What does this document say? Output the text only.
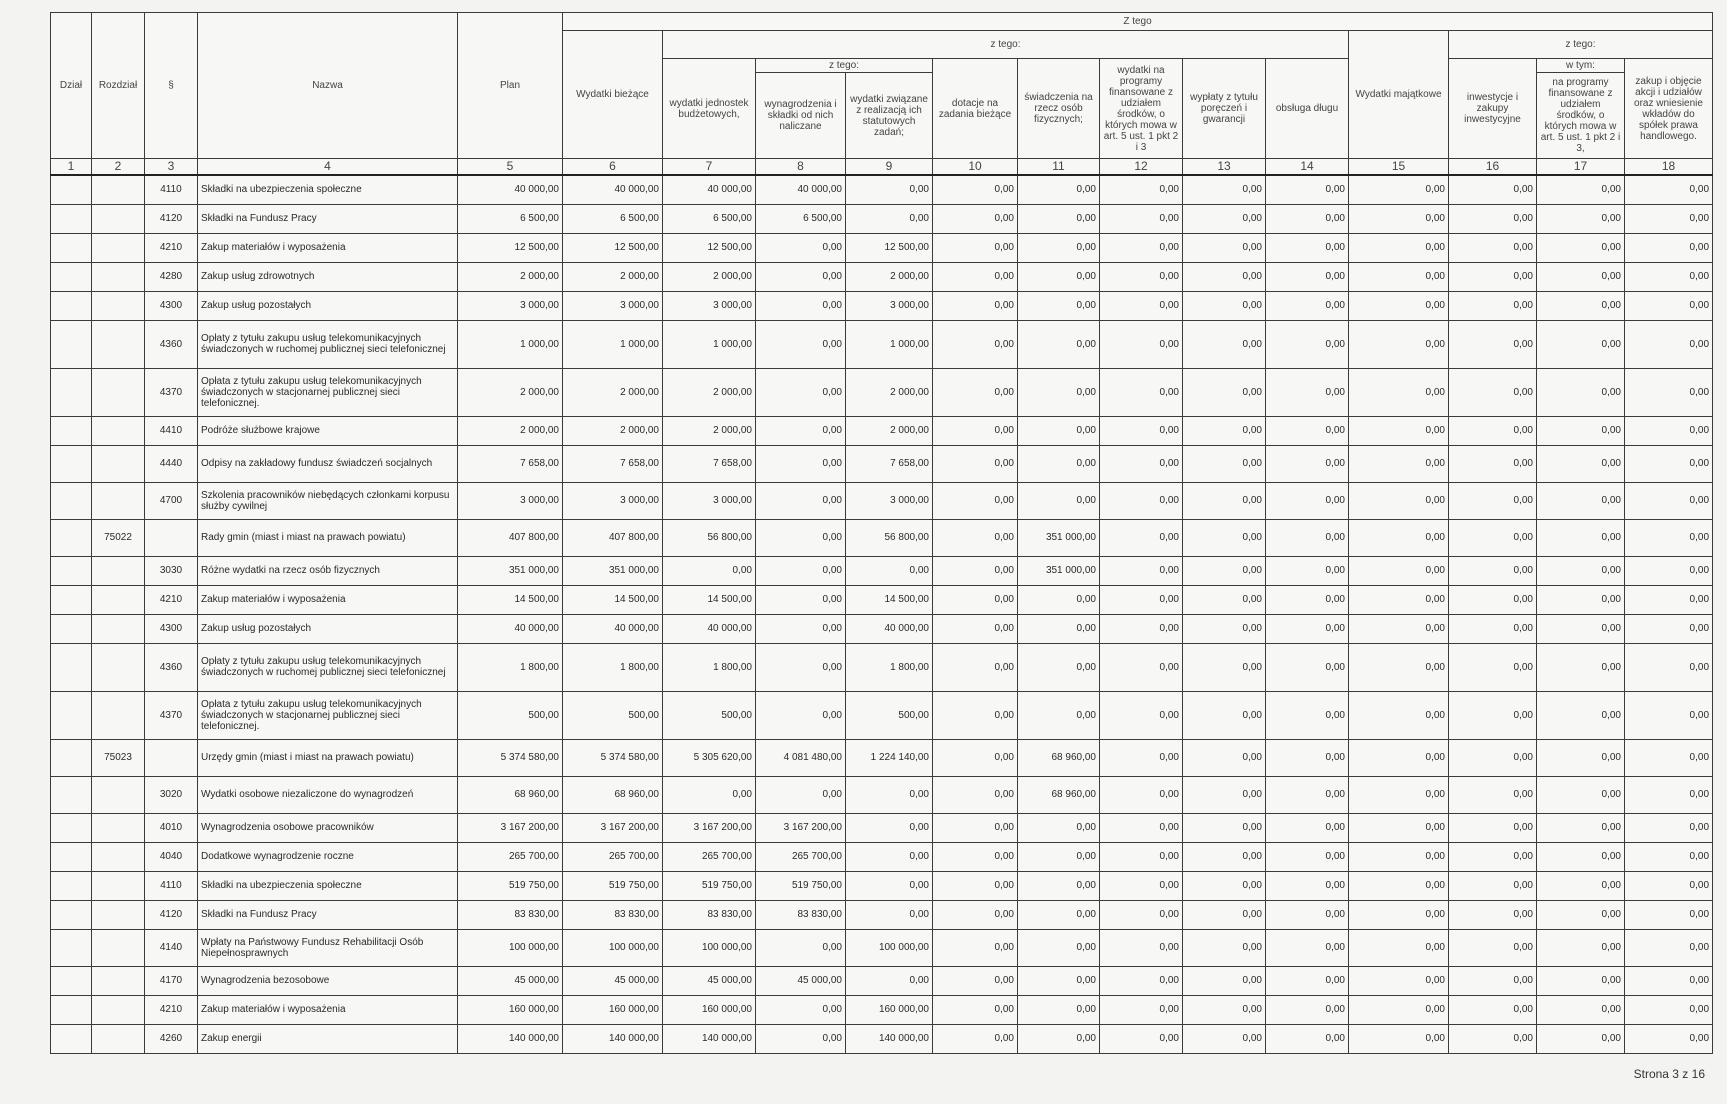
Dział	Rozdział	§	Nazwa	Plan	Z tego												
					Wydatki bieżące	z tego:								Wydatki majątkowe	z tego:		
						wydatki jednostek budżetowych,	z tego:		dotacje na zadania bieżące	świadczenia na rzecz osób fizycznych;	wydatki na programy finansowane z udziałem środków, o których mowa w art. 5 ust. 1 pkt 2 i 3	wypłaty z tytułu poręczeń i gwarancji	obsługa długu		inwestycje i zakupy inwestycyjne	w tym:	zakup i objęcie akcji i udziałów oraz wniesienie wkładów do spółek prawa handlowego.
							wynagrodzenia i składki od nich naliczane	wydatki związane z realizacją ich statutowych zadań;								na programy finansowane z udziałem środków, o których mowa w art. 5 ust. 1 pkt 2 i 3,	
1	2	3	4	5	6	7	8	9	10	11	12	13	14	15	16	17	18
		4110	Składki na ubezpieczenia społeczne	40 000,00	40 000,00	40 000,00	40 000,00	0,00	0,00	0,00	0,00	0,00	0,00	0,00	0,00	0,00	0,00
		4120	Składki na Fundusz Pracy	6 500,00	6 500,00	6 500,00	6 500,00	0,00	0,00	0,00	0,00	0,00	0,00	0,00	0,00	0,00	0,00
		4210	Zakup materiałów i wyposażenia	12 500,00	12 500,00	12 500,00	0,00	12 500,00	0,00	0,00	0,00	0,00	0,00	0,00	0,00	0,00	0,00
		4280	Zakup usług zdrowotnych	2 000,00	2 000,00	2 000,00	0,00	2 000,00	0,00	0,00	0,00	0,00	0,00	0,00	0,00	0,00	0,00
		4300	Zakup usług pozostałych	3 000,00	3 000,00	3 000,00	0,00	3 000,00	0,00	0,00	0,00	0,00	0,00	0,00	0,00	0,00	0,00
		4360	Opłaty z tytułu zakupu usług telekomunikacyjnych świadczonych w ruchomej publicznej sieci telefonicznej	1 000,00	1 000,00	1 000,00	0,00	1 000,00	0,00	0,00	0,00	0,00	0,00	0,00	0,00	0,00	0,00
		4370	Opłata z tytułu zakupu usług telekomunikacyjnych świadczonych w stacjonarnej publicznej sieci telefonicznej.	2 000,00	2 000,00	2 000,00	0,00	2 000,00	0,00	0,00	0,00	0,00	0,00	0,00	0,00	0,00	0,00
		4410	Podróże służbowe krajowe	2 000,00	2 000,00	2 000,00	0,00	2 000,00	0,00	0,00	0,00	0,00	0,00	0,00	0,00	0,00	0,00
		4440	Odpisy na zakładowy fundusz świadczeń socjalnych	7 658,00	7 658,00	7 658,00	0,00	7 658,00	0,00	0,00	0,00	0,00	0,00	0,00	0,00	0,00	0,00
		4700	Szkolenia pracowników niebędących członkami korpusu służby cywilnej	3 000,00	3 000,00	3 000,00	0,00	3 000,00	0,00	0,00	0,00	0,00	0,00	0,00	0,00	0,00	0,00
	75022		Rady gmin (miast i miast na prawach powiatu)	407 800,00	407 800,00	56 800,00	0,00	56 800,00	0,00	351 000,00	0,00	0,00	0,00	0,00	0,00	0,00	0,00
		3030	Różne wydatki na rzecz osób fizycznych	351 000,00	351 000,00	0,00	0,00	0,00	0,00	351 000,00	0,00	0,00	0,00	0,00	0,00	0,00	0,00
		4210	Zakup materiałów i wyposażenia	14 500,00	14 500,00	14 500,00	0,00	14 500,00	0,00	0,00	0,00	0,00	0,00	0,00	0,00	0,00	0,00
		4300	Zakup usług pozostałych	40 000,00	40 000,00	40 000,00	0,00	40 000,00	0,00	0,00	0,00	0,00	0,00	0,00	0,00	0,00	0,00
		4360	Opłaty z tytułu zakupu usług telekomunikacyjnych świadczonych w ruchomej publicznej sieci telefonicznej	1 800,00	1 800,00	1 800,00	0,00	1 800,00	0,00	0,00	0,00	0,00	0,00	0,00	0,00	0,00	0,00
		4370	Opłata z tytułu zakupu usług telekomunikacyjnych świadczonych w stacjonarnej publicznej sieci telefonicznej.	500,00	500,00	500,00	0,00	500,00	0,00	0,00	0,00	0,00	0,00	0,00	0,00	0,00	0,00
	75023		Urzędy gmin (miast i miast na prawach powiatu)	5 374 580,00	5 374 580,00	5 305 620,00	4 081 480,00	1 224 140,00	0,00	68 960,00	0,00	0,00	0,00	0,00	0,00	0,00	0,00
		3020	Wydatki osobowe niezaliczone do wynagrodzeń	68 960,00	68 960,00	0,00	0,00	0,00	0,00	68 960,00	0,00	0,00	0,00	0,00	0,00	0,00	0,00
		4010	Wynagrodzenia osobowe pracowników	3 167 200,00	3 167 200,00	3 167 200,00	3 167 200,00	0,00	0,00	0,00	0,00	0,00	0,00	0,00	0,00	0,00	0,00
		4040	Dodatkowe wynagrodzenie roczne	265 700,00	265 700,00	265 700,00	265 700,00	0,00	0,00	0,00	0,00	0,00	0,00	0,00	0,00	0,00	0,00
		4110	Składki na ubezpieczenia społeczne	519 750,00	519 750,00	519 750,00	519 750,00	0,00	0,00	0,00	0,00	0,00	0,00	0,00	0,00	0,00	0,00
		4120	Składki na Fundusz Pracy	83 830,00	83 830,00	83 830,00	83 830,00	0,00	0,00	0,00	0,00	0,00	0,00	0,00	0,00	0,00	0,00
		4140	Wpłaty na Państwowy Fundusz Rehabilitacji Osób Niepełnosprawnych	100 000,00	100 000,00	100 000,00	0,00	100 000,00	0,00	0,00	0,00	0,00	0,00	0,00	0,00	0,00	0,00
		4170	Wynagrodzenia bezosobowe	45 000,00	45 000,00	45 000,00	45 000,00	0,00	0,00	0,00	0,00	0,00	0,00	0,00	0,00	0,00	0,00
		4210	Zakup materiałów i wyposażenia	160 000,00	160 000,00	160 000,00	0,00	160 000,00	0,00	0,00	0,00	0,00	0,00	0,00	0,00	0,00	0,00
		4260	Zakup energii	140 000,00	140 000,00	140 000,00	0,00	140 000,00	0,00	0,00	0,00	0,00	0,00	0,00	0,00	0,00	0,00
Strona 3 z 16
